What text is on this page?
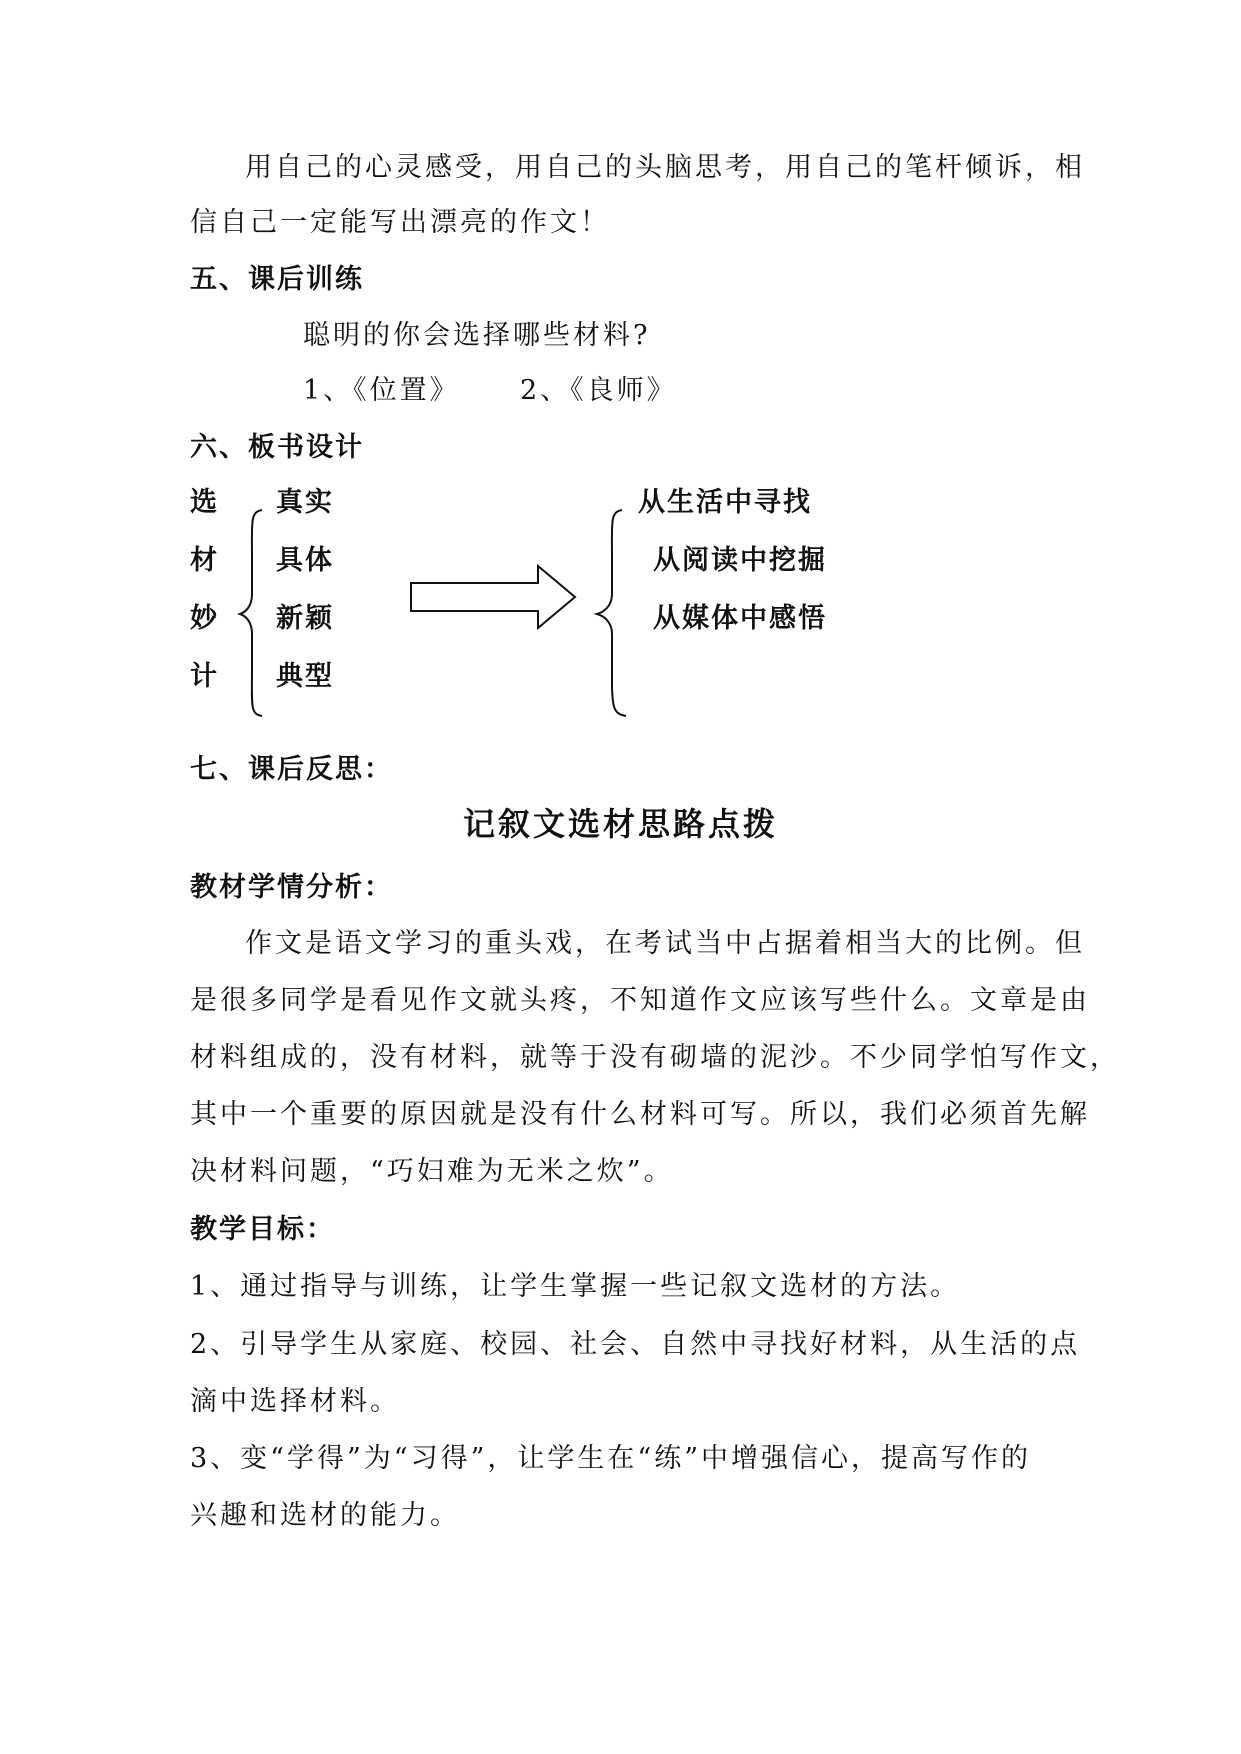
用自己的心灵感受，用自己的头脑思考，用自己的笔杆倾诉，相
信自己一定能写出漂亮的作文！
五、课后训练
聪明的你会选择哪些材料?
1、《位置》 2、《良师》
六、板书设计
选
材
妙
计
真实
具体
新颖
典型
从生活中寻找
从阅读中挖掘
从媒体中感悟
七、课后反思：
记叙文选材思路点拨
教材学情分析：
作文是语文学习的重头戏，在考试当中占据着相当大的比例。但
是很多同学是看见作文就头疼，不知道作文应该写些什么。文章是由
材料组成的，没有材料，就等于没有砌墙的泥沙。不少同学怕写作文，
其中一个重要的原因就是没有什么材料可写。所以，我们必须首先解
决材料问题，“巧妇难为无米之炊”。
教学目标：
1、通过指导与训练，让学生掌握一些记叙文选材的方法。
2、引导学生从家庭、校园、社会、自然中寻找好材料，从生活的点
滴中选择材料。
3、变“学得”为“习得”，让学生在“练”中增强信心，提高写作的
兴趣和选材的能力。
